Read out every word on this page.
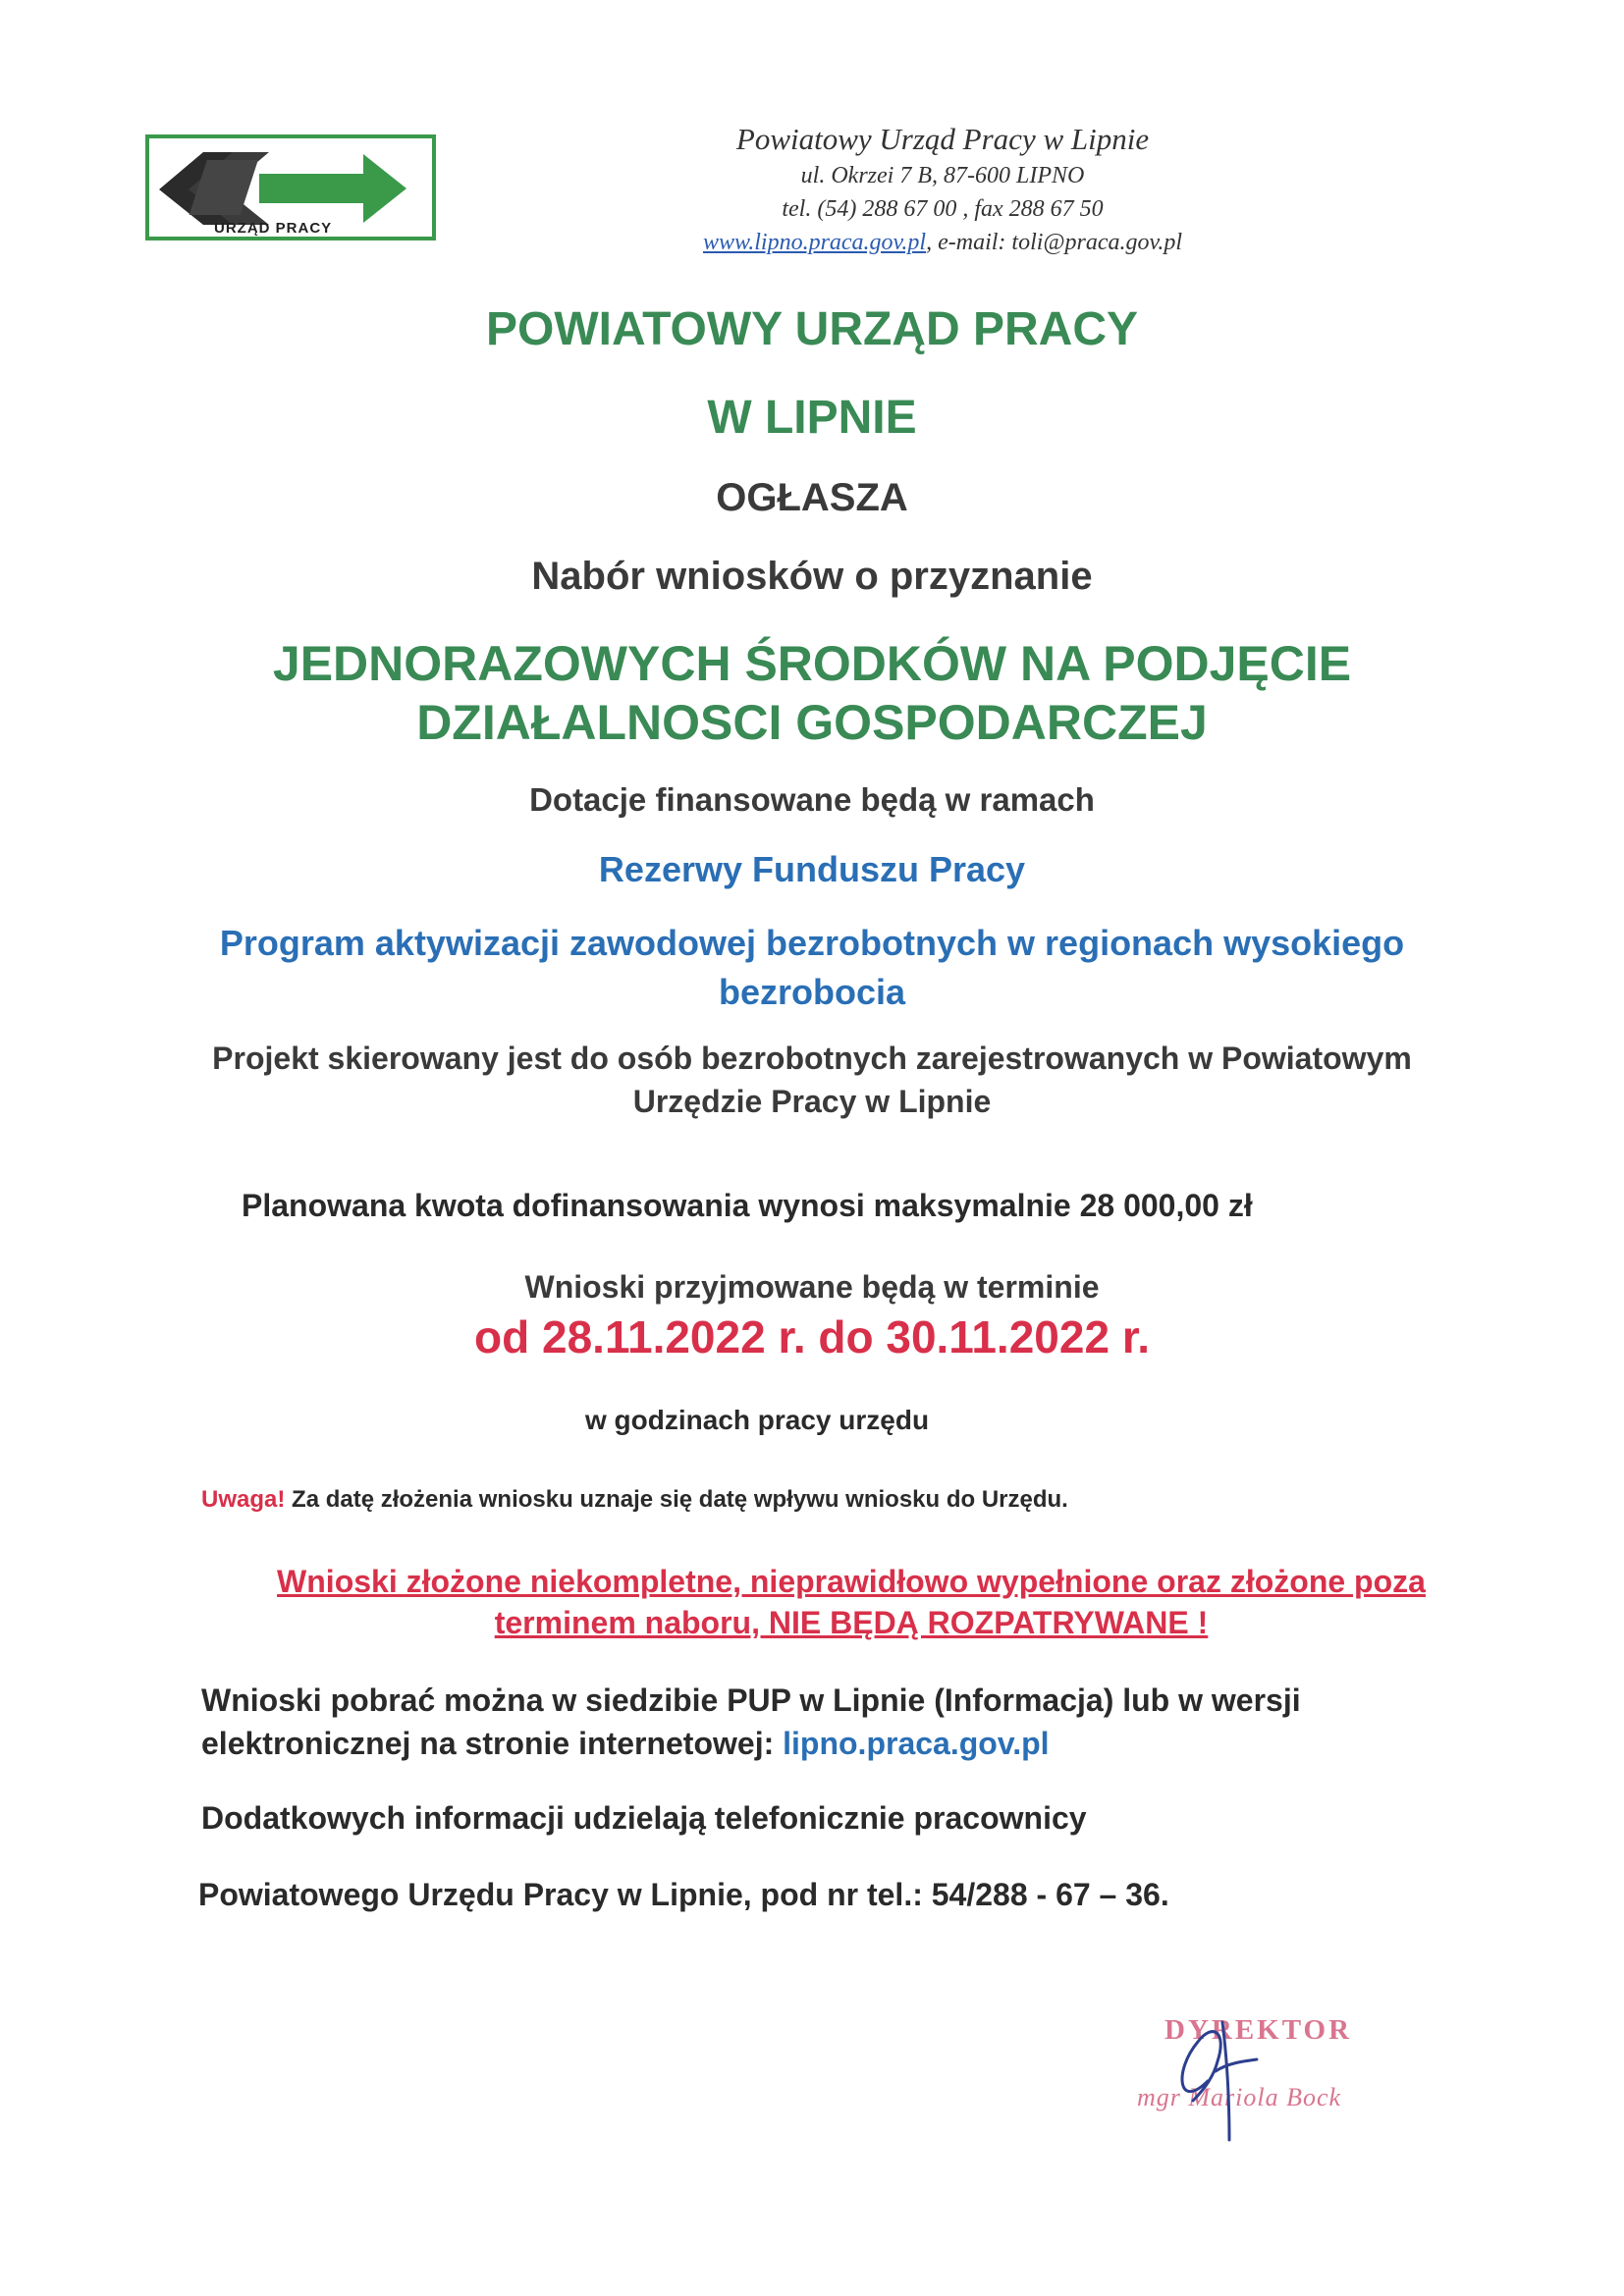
URZĄD PRACY
Powiatowy Urząd Pracy w Lipnie
ul. Okrzei 7 B, 87-600 LIPNO
tel. (54) 288 67 00 , fax 288 67 50
www.lipno.praca.gov.pl, e-mail: toli@praca.gov.pl
POWIATOWY URZĄD PRACY
W LIPNIE
OGŁASZA
Nabór wniosków o przyznanie
JEDNORAZOWYCH ŚRODKÓW NA PODJĘCIE
DZIAŁALNOSCI GOSPODARCZEJ
Dotacje finansowane będą w ramach
Rezerwy Funduszu Pracy
Program aktywizacji zawodowej bezrobotnych w regionach wysokiego
bezrobocia
Projekt skierowany jest do osób bezrobotnych zarejestrowanych w Powiatowym
Urzędzie Pracy w Lipnie
Planowana kwota dofinansowania wynosi maksymalnie 28 000,00 zł
Wnioski przyjmowane będą w terminie
od 28.11.2022 r. do 30.11.2022 r.
w godzinach pracy urzędu
Uwaga! Za datę złożenia wniosku uznaje się datę wpływu wniosku do Urzędu.
Wnioski złożone niekompletne, nieprawidłowo wypełnione oraz złożone poza
terminem naboru, NIE BĘDĄ ROZPATRYWANE !
Wnioski pobrać można w siedzibie PUP w Lipnie (Informacja) lub w wersji
elektronicznej na stronie internetowej: lipno.praca.gov.pl
Dodatkowych informacji udzielają telefonicznie pracownicy
Powiatowego Urzędu Pracy w Lipnie, pod nr tel.: 54/288 - 67 – 36.
DYREKTOR
mgr Mariola Bock
